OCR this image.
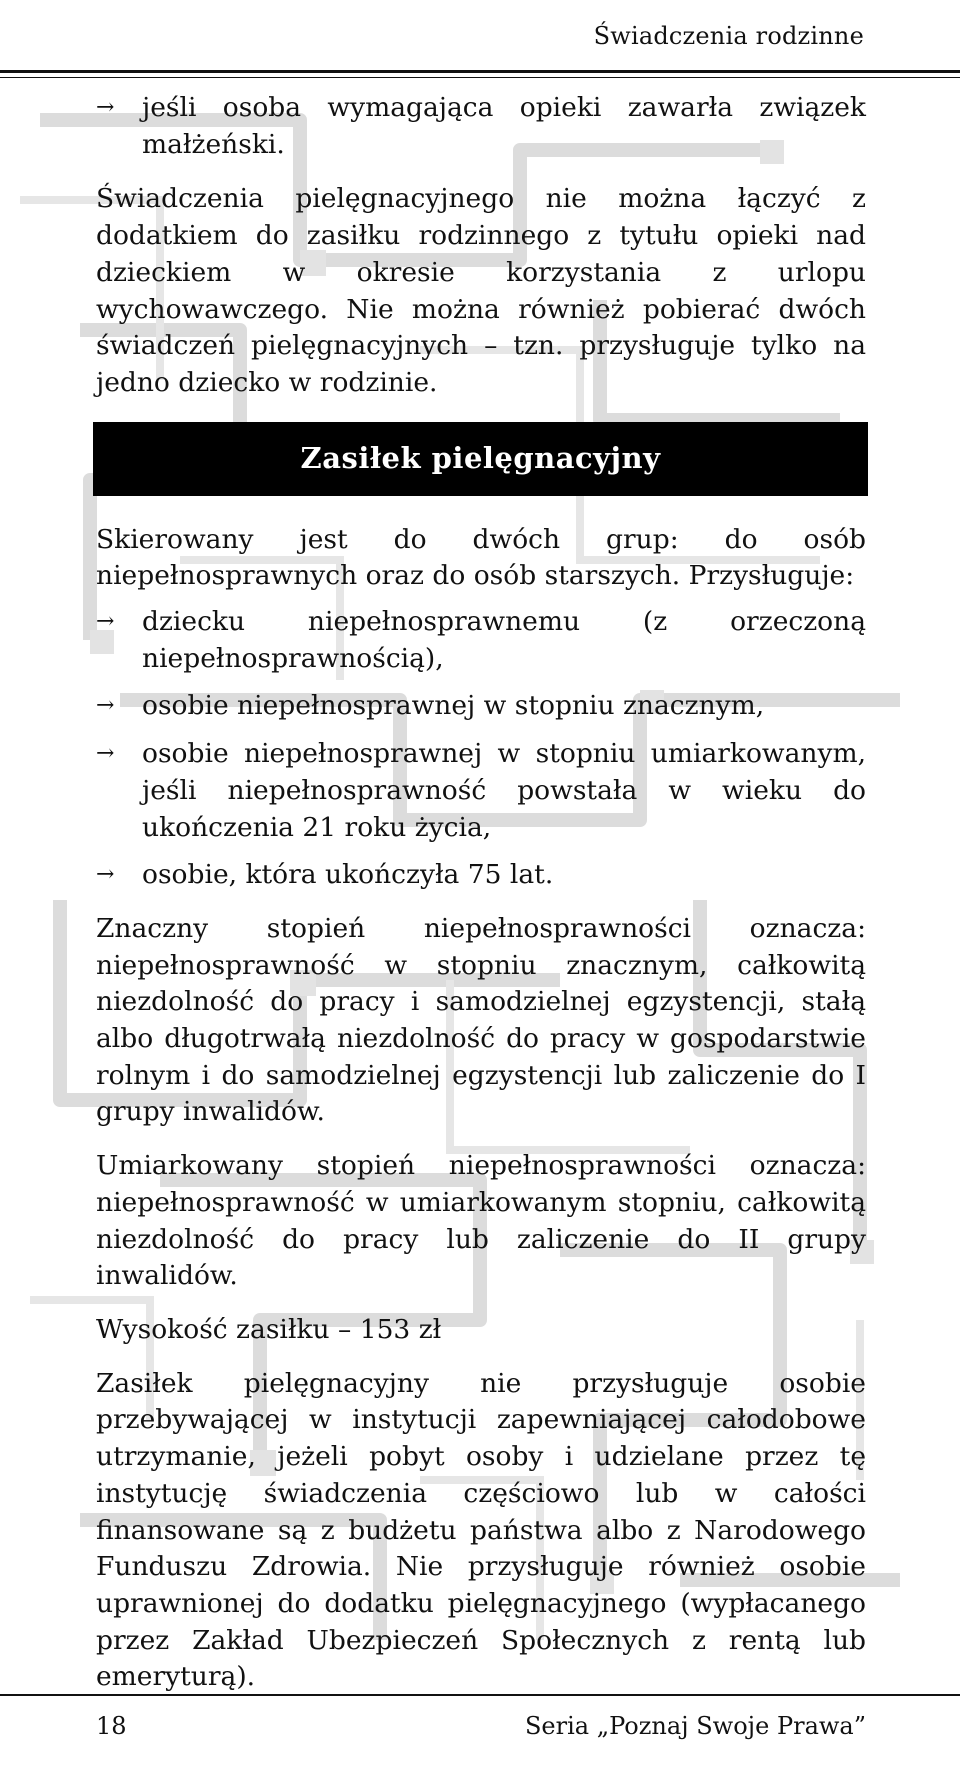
Świadczenia rodzinne
→	jeśli osoba wymagająca opieki zawarła związek małżeński.

Świadczenia pielęgnacyjnego nie można łączyć z dodatkiem do zasiłku rodzinnego z tytułu opieki nad dzieckiem w okresie korzystania z urlopu wychowawczego. Nie można również pobierać dwóch świadczeń pielęgnacyjnych – tzn. przysługuje tylko na jedno dziecko w rodzinie.

Zasiłek pielęgnacyjny

Skierowany jest do dwóch grup: do osób niepełnosprawnych oraz do osób starszych. Przysługuje:

→	dziecku niepełnosprawnemu (z orzeczoną niepełnosprawnością),
→	osobie niepełnosprawnej w stopniu znacznym,
→	osobie niepełnosprawnej w stopniu umiarkowanym, jeśli niepełnosprawność powstała w wieku do ukończenia 21 roku życia,
→	osobie, która ukończyła 75 lat.

Znaczny stopień niepełnosprawności oznacza: niepełnosprawność w stopniu znacznym, całkowitą niezdolność do pracy i samodzielnej egzystencji, stałą albo długotrwałą niezdolność do pracy w gospodarstwie rolnym i do samodzielnej egzystencji lub zaliczenie do I grupy inwalidów.

Umiarkowany stopień niepełnosprawności oznacza: niepełnosprawność w umiarkowanym stopniu, całkowitą niezdolność do pracy lub zaliczenie do II grupy inwalidów.

Wysokość zasiłku – 153 zł

Zasiłek pielęgnacyjny nie przysługuje osobie przebywającej w instytucji zapewniającej całodobowe utrzymanie, jeżeli pobyt osoby i udzielane przez tę instytucję świadczenia częściowo lub w całości finansowane są z budżetu państwa albo z Narodowego Funduszu Zdrowia. Nie przysługuje również osobie uprawnionej do dodatku pielęgnacyjnego (wypłacanego przez Zakład Ubezpieczeń Społecznych z rentą lub emeryturą).

18	Seria „Poznaj Swoje Prawa”
